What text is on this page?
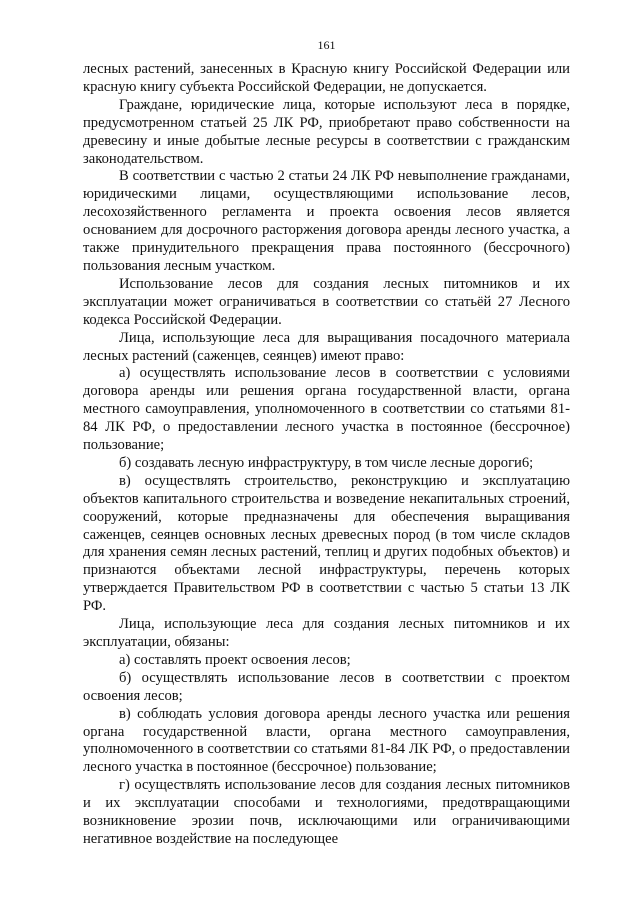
161

лесных растений, занесенных в Красную книгу Российской Федерации или красную книгу субъекта Российской Федерации, не допускается.

Граждане, юридические лица, которые используют леса в порядке, предусмотренном статьей 25 ЛК РФ, приобретают право собственности на древесину и иные добытые лесные ресурсы в соответствии с гражданским законодательством.

В соответствии с частью 2 статьи 24 ЛК РФ невыполнение гражданами, юридическими лицами, осуществляющими использование лесов, лесохозяйственного регламента и проекта освоения лесов является основанием для досрочного расторжения договора аренды лесного участка, а также принудительного прекращения права постоянного (бессрочного) пользования лесным участком.

Использование лесов для создания лесных питомников и их эксплуатации может ограничиваться в соответствии со статьёй 27 Лесного кодекса Российской Федерации.

Лица, использующие леса для выращивания посадочного материала лесных растений (саженцев, сеянцев) имеют право:

а) осуществлять использование лесов в соответствии с условиями договора аренды или решения органа государственной власти, органа местного самоуправления, уполномоченного в соответствии со статьями 81-84 ЛК РФ, о предоставлении лесного участка в постоянное (бессрочное) пользование;

б) создавать лесную инфраструктуру, в том числе лесные дороги6;

в) осуществлять строительство, реконструкцию и эксплуатацию объектов капитального строительства и возведение некапитальных строений, сооружений, которые предназначены для обеспечения выращивания саженцев, сеянцев основных лесных древесных пород (в том числе складов для хранения семян лесных растений, теплиц и других подобных объектов) и признаются объектами лесной инфраструктуры, перечень которых утверждается Правительством РФ в соответствии с частью 5 статьи 13 ЛК РФ.

Лица, использующие леса для создания лесных питомников и их эксплуатации, обязаны:

а) составлять проект освоения лесов;

б) осуществлять использование лесов в соответствии с проектом освоения лесов;

в) соблюдать условия договора аренды лесного участка или решения органа государственной власти, органа местного самоуправления, уполномоченного в соответствии со статьями 81-84 ЛК РФ, о предоставлении лесного участка в постоянное (бессрочное) пользование;

г) осуществлять использование лесов для создания лесных питомников и их эксплуатации способами и технологиями, предотвращающими возникновение эрозии почв, исключающими или ограничивающими негативное воздействие на последующее
